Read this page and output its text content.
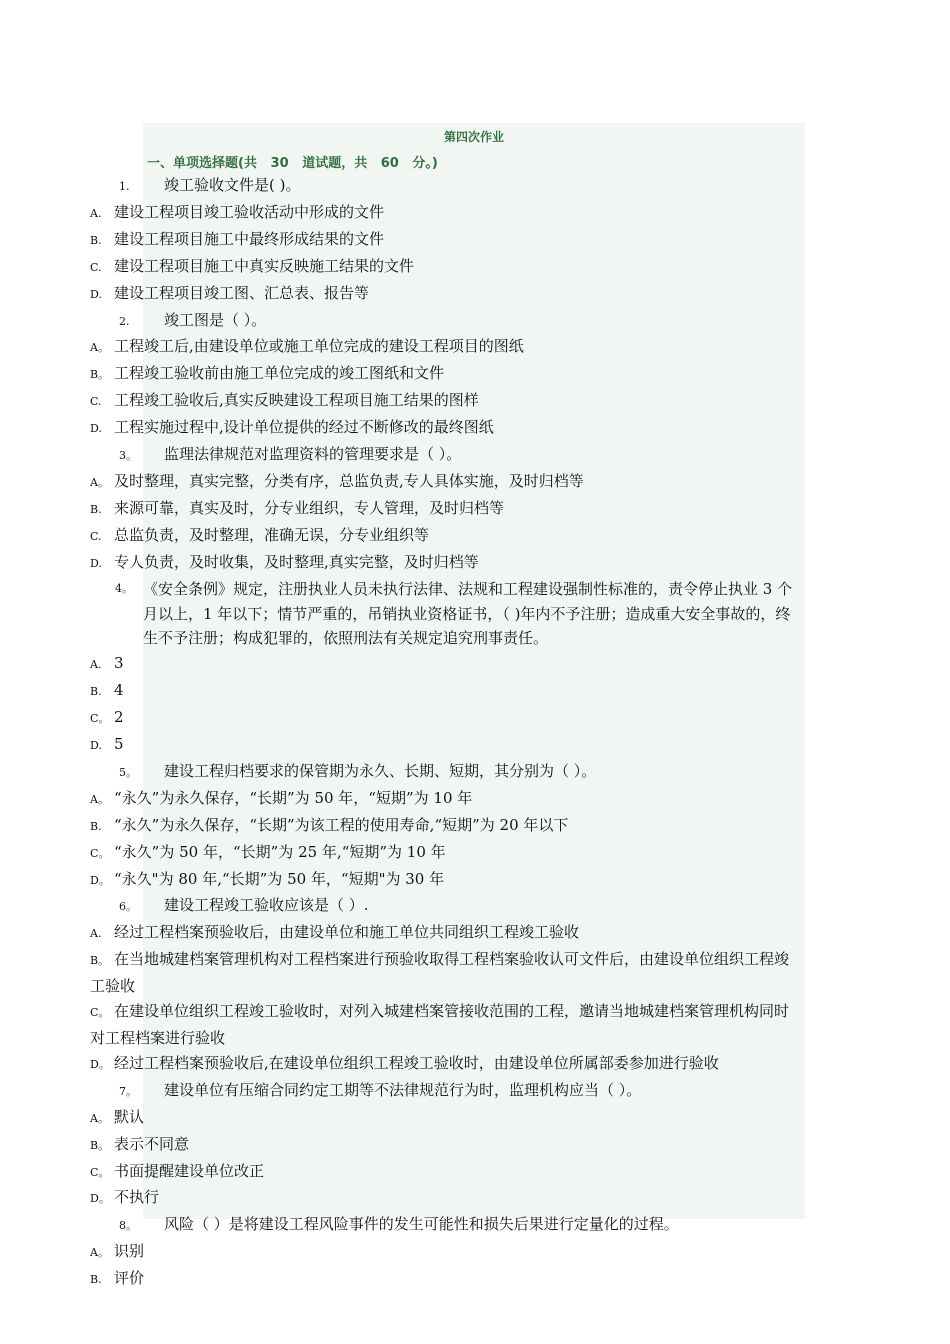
第四次作业
一、单项选择题(共   30   道试题，共   60   分。)
1. 竣工验收文件是( )。
A. 建设工程项目竣工验收活动中形成的文件
B. 建设工程项目施工中最终形成结果的文件
C. 建设工程项目施工中真实反映施工结果的文件
D. 建设工程项目竣工图、汇总表、报告等
2. 竣工图是（ ）。
A。 工程竣工后,由建设单位或施工单位完成的建设工程项目的图纸
B。 工程竣工验收前由施工单位完成的竣工图纸和文件
C. 工程竣工验收后,真实反映建设工程项目施工结果的图样
D. 工程实施过程中,设计单位提供的经过不断修改的最终图纸
3。 监理法律规范对监理资料的管理要求是（ ）。
A。 及时整理，真实完整，分类有序，总监负责,专人具体实施，及时归档等
B. 来源可靠，真实及时，分专业组织，专人管理，及时归档等
C. 总监负责，及时整理，准确无误，分专业组织等
D. 专人负责，及时收集，及时整理,真实完整，及时归档等
4。 《安全条例》规定，注册执业人员未执行法律、法规和工程建设强制性标准的，责令停止执业 3 个月以上，1 年以下；情节严重的，吊销执业资格证书，（ )年内不予注册；造成重大安全事故的，终生不予注册；构成犯罪的，依照刑法有关规定追究刑事责任。
A. 3
B. 4
C。 2
D. 5
5。 建设工程归档要求的保管期为永久、长期、短期，其分别为（ ）。
A。 “永久”为永久保存，“长期”为 50 年，“短期”为 10 年
B. “永久”为永久保存，“长期”为该工程的使用寿命,“短期”为 20 年以下
C。 “永久”为 50 年，“长期”为 25 年,“短期”为 10 年
D。 “永久"为 80 年,“长期”为 50 年，“短期"为 30 年
6。 建设工程竣工验收应该是（ ）.
A. 经过工程档案预验收后，由建设单位和施工单位共同组织工程竣工验收
B。 在当地城建档案管理机构对工程档案进行预验收取得工程档案验收认可文件后，由建设单位组织工程竣工验收
C。 在建设单位组织工程竣工验收时，对列入城建档案管接收范围的工程，邀请当地城建档案管理机构同时对工程档案进行验收
D。 经过工程档案预验收后,在建设单位组织工程竣工验收时，由建设单位所属部委参加进行验收
7。 建设单位有压缩合同约定工期等不法律规范行为时，监理机构应当（ ）。
A。 默认
B。 表示不同意
C。 书面提醒建设单位改正
D。 不执行
8。 风险（ ）是将建设工程风险事件的发生可能性和损失后果进行定量化的过程。
A。 识别
B. 评价
